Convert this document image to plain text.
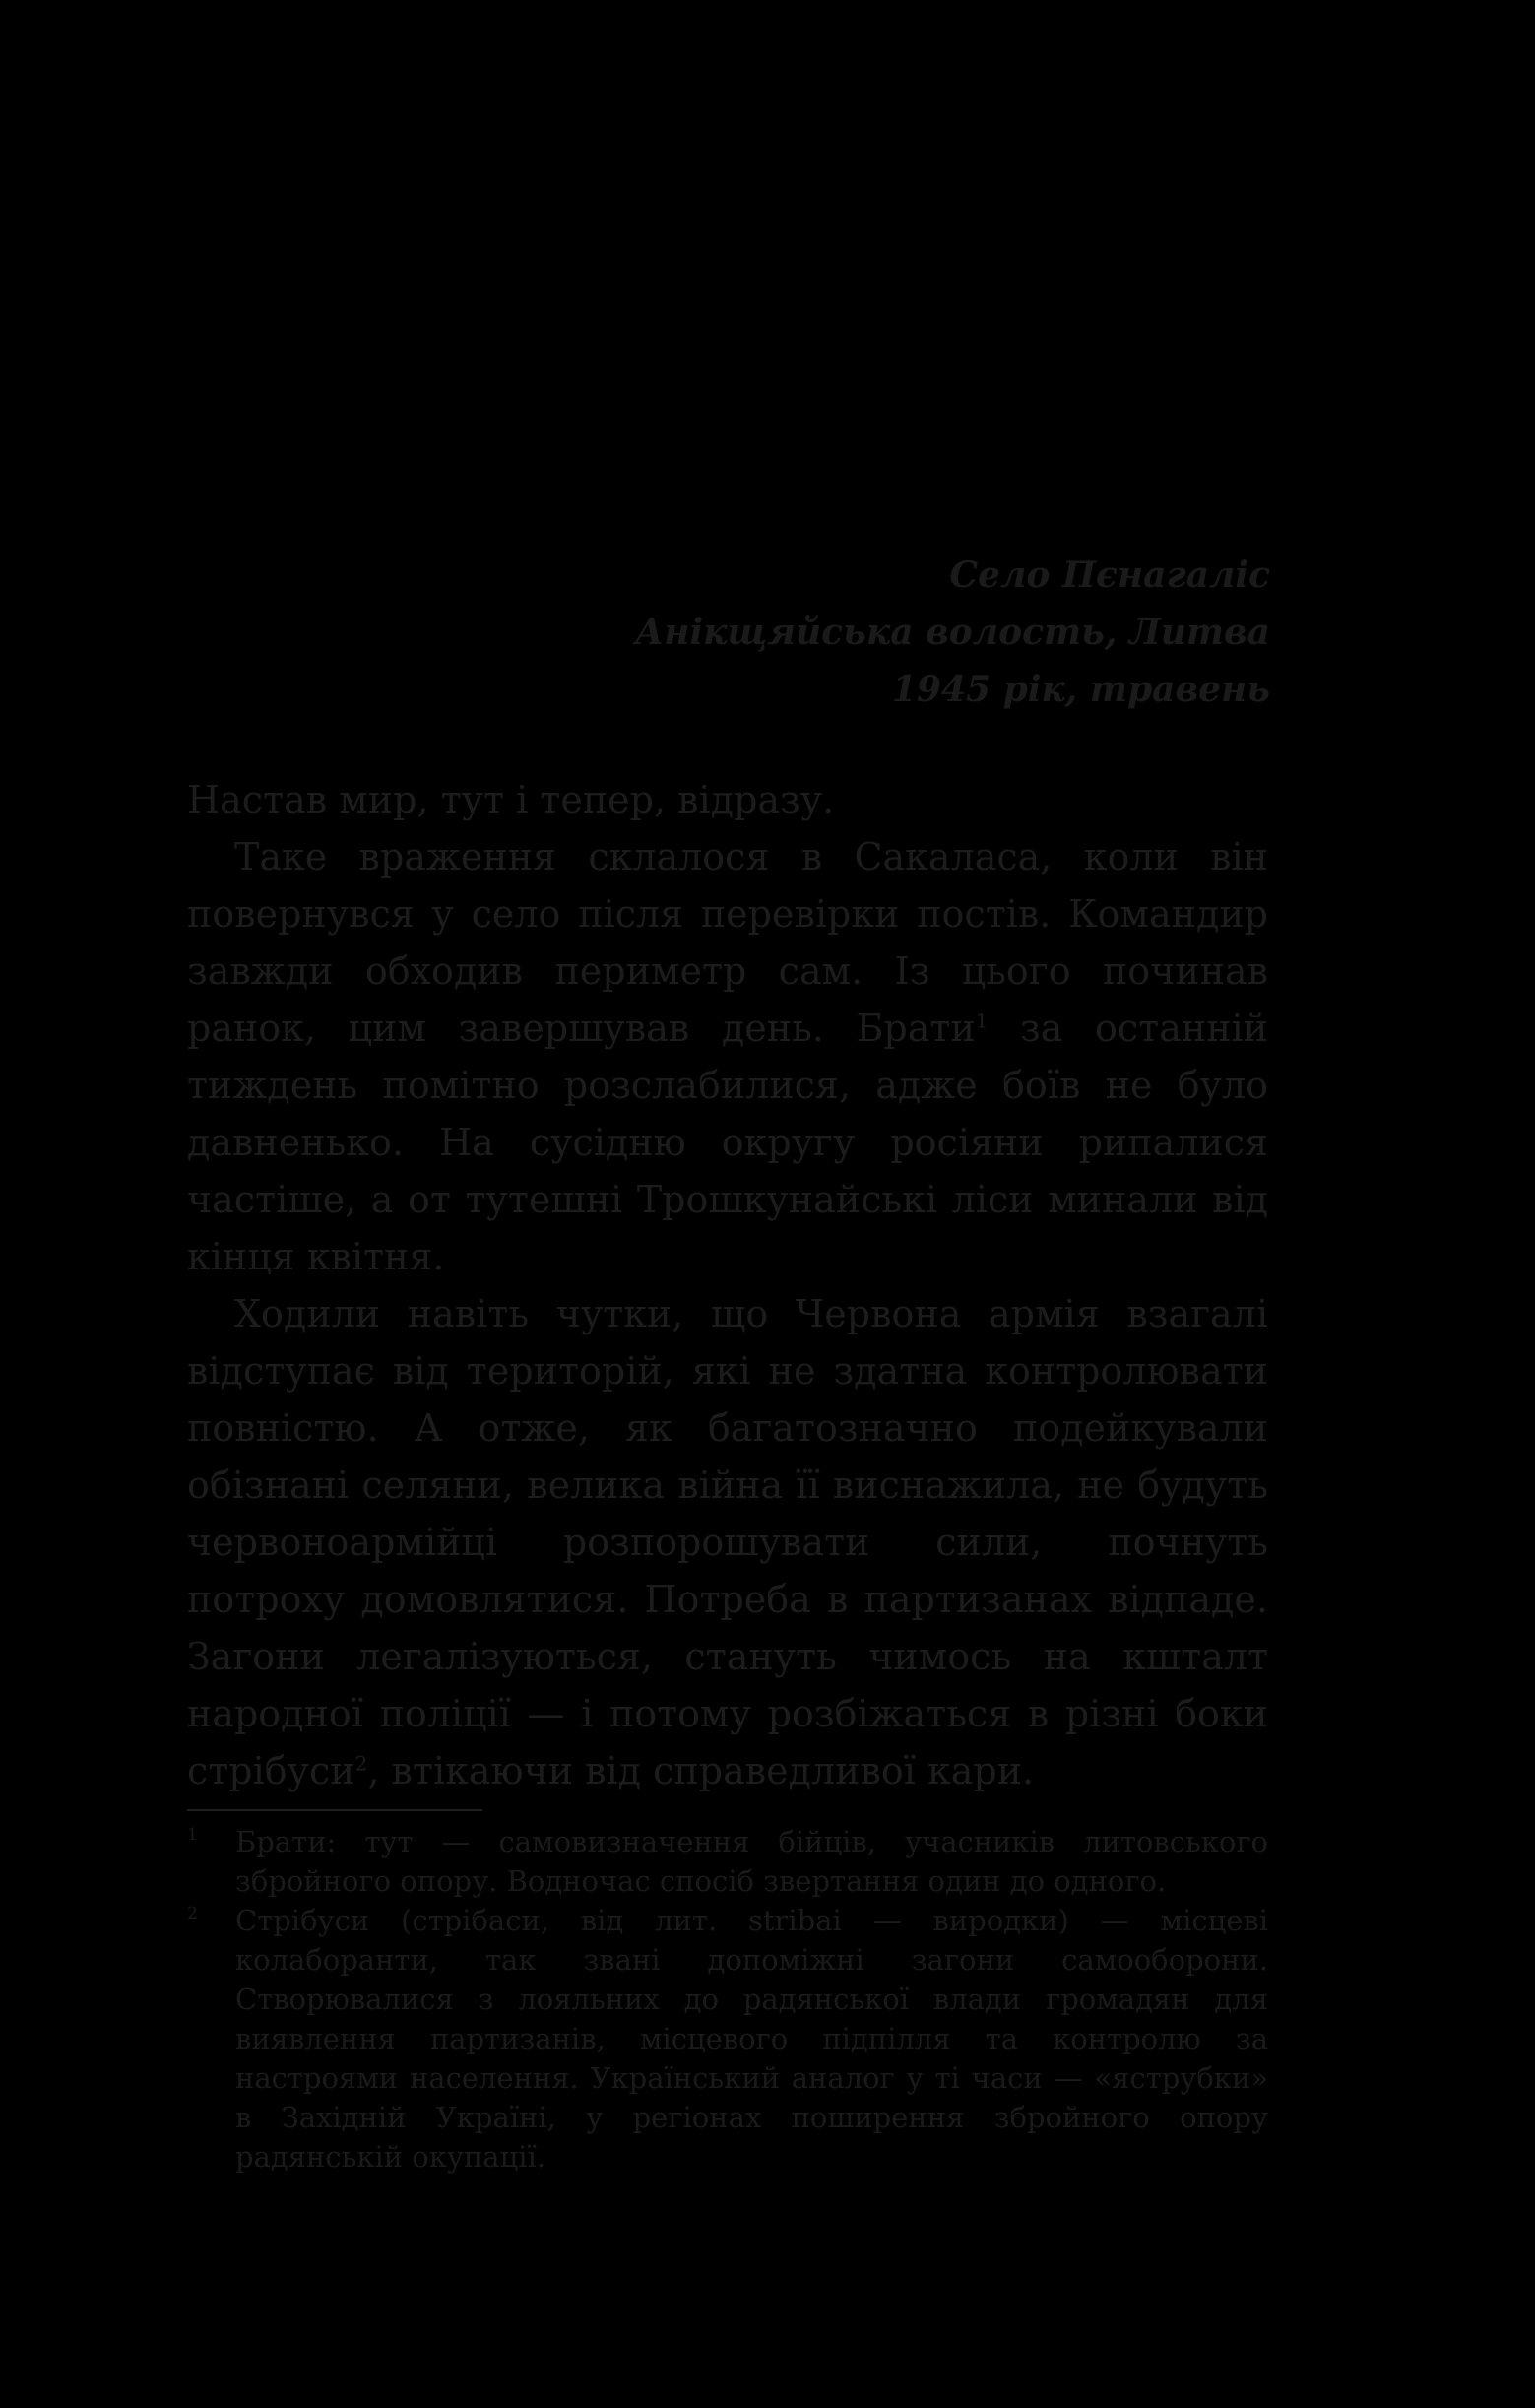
Село Пєнагаліс
Анікщяйська волость, Литва
1945 рік, травень

Настав мир, тут і тепер, відразу.

Таке враження склалося в Сакаласа, коли він повернувся у село після перевірки постів. Командир завжди обходив периметр сам. Із цього починав ранок, цим завершував день. Брати$^1$ за останній тиждень помітно розслабилися, адже боїв не було давненько. На сусідню округу росіяни рипалися частіше, а от тутешні Трошкунайські ліси минали від кінця квітня.

Ходили навіть чутки, що Червона армія взагалі відступає від територій, які не здатна контролювати повністю. А отже, як багатозначно подейкували обізнані селяни, велика війна її виснажила, не будуть червоноармійці розпорошувати сили, почнуть потроху домовлятися. Потреба в партизанах відпаде. Загони легалізуються, стануть чимось на кшталт народної поліції — і потому розбіжаться в різні боки стрібуси$^2$, втікаючи від справедливої кари.

1 Брати: тут — самовизначення бійців, учасників литовського збройного опору. Водночас спосіб звертання один до одного.
2 Стрібуси (стрібаси, від лит. stribai — виродки) — місцеві колаборанти, так звані допоміжні загони самооборони. Створювалися з лояльних до радянської влади громадян для виявлення партизанів, місцевого підпілля та контролю за настроями населення. Український аналог у ті часи — «яструбки» в Західній Україні, у регіонах поширення збройного опору радянській окупації.
